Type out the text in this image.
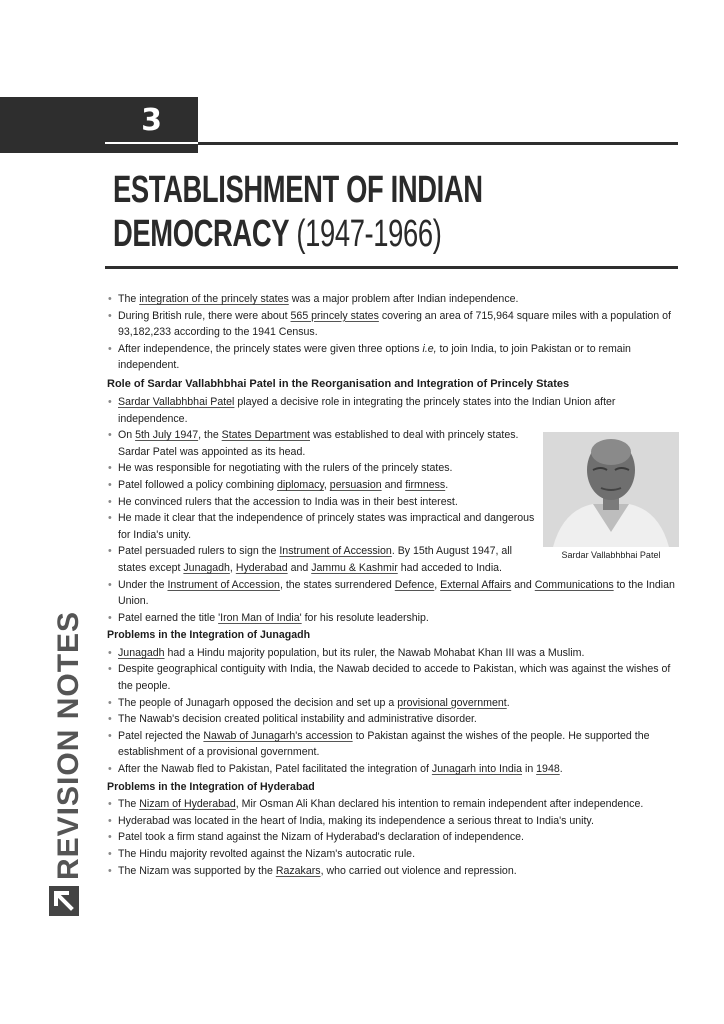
3
ESTABLISHMENT OF INDIAN
DEMOCRACY (1947-1966)
• The integration of the princely states was a major problem after Indian independence.
• During British rule, there were about 565 princely states covering an area of 715,964 square miles with a population of 93,182,233 according to the 1941 Census.
• After independence, the princely states were given three options i.e, to join India, to join Pakistan or to remain independent.
Role of Sardar Vallabhbhai Patel in the Reorganisation and Integration of Princely States
• Sardar Vallabhbhai Patel played a decisive role in integrating the princely states into the Indian Union after independence.
• On 5th July 1947, the States Department was established to deal with princely states. Sardar Patel was appointed as its head.
• He was responsible for negotiating with the rulers of the princely states.
• Patel followed a policy combining diplomacy, persuasion and firmness.
• He convinced rulers that the accession to India was in their best interest.
• He made it clear that the independence of princely states was impractical and dangerous for India's unity.
• Patel persuaded rulers to sign the Instrument of Accession. By 15th August 1947, all states except Junagadh, Hyderabad and Jammu & Kashmir had acceded to India.
• Under the Instrument of Accession, the states surrendered Defence, External Affairs and Communications to the Indian Union.
• Patel earned the title 'Iron Man of India' for his resolute leadership.
Problems in the Integration of Junagadh
• Junagadh had a Hindu majority population, but its ruler, the Nawab Mohabat Khan III was a Muslim.
• Despite geographical contiguity with India, the Nawab decided to accede to Pakistan, which was against the wishes of the people.
• The people of Junagarh opposed the decision and set up a provisional government.
• The Nawab's decision created political instability and administrative disorder.
• Patel rejected the Nawab of Junagarh's accession to Pakistan against the wishes of the people. He supported the establishment of a provisional government.
• After the Nawab fled to Pakistan, Patel facilitated the integration of Junagarh into India in 1948.
Problems in the Integration of Hyderabad
• The Nizam of Hyderabad, Mir Osman Ali Khan declared his intention to remain independent after independence.
• Hyderabad was located in the heart of India, making its independence a serious threat to India's unity.
• Patel took a firm stand against the Nizam of Hyderabad's declaration of independence.
• The Hindu majority revolted against the Nizam's autocratic rule.
• The Nizam was supported by the Razakars, who carried out violence and repression.
Sardar Vallabhbhai Patel
REVISION NOTES
